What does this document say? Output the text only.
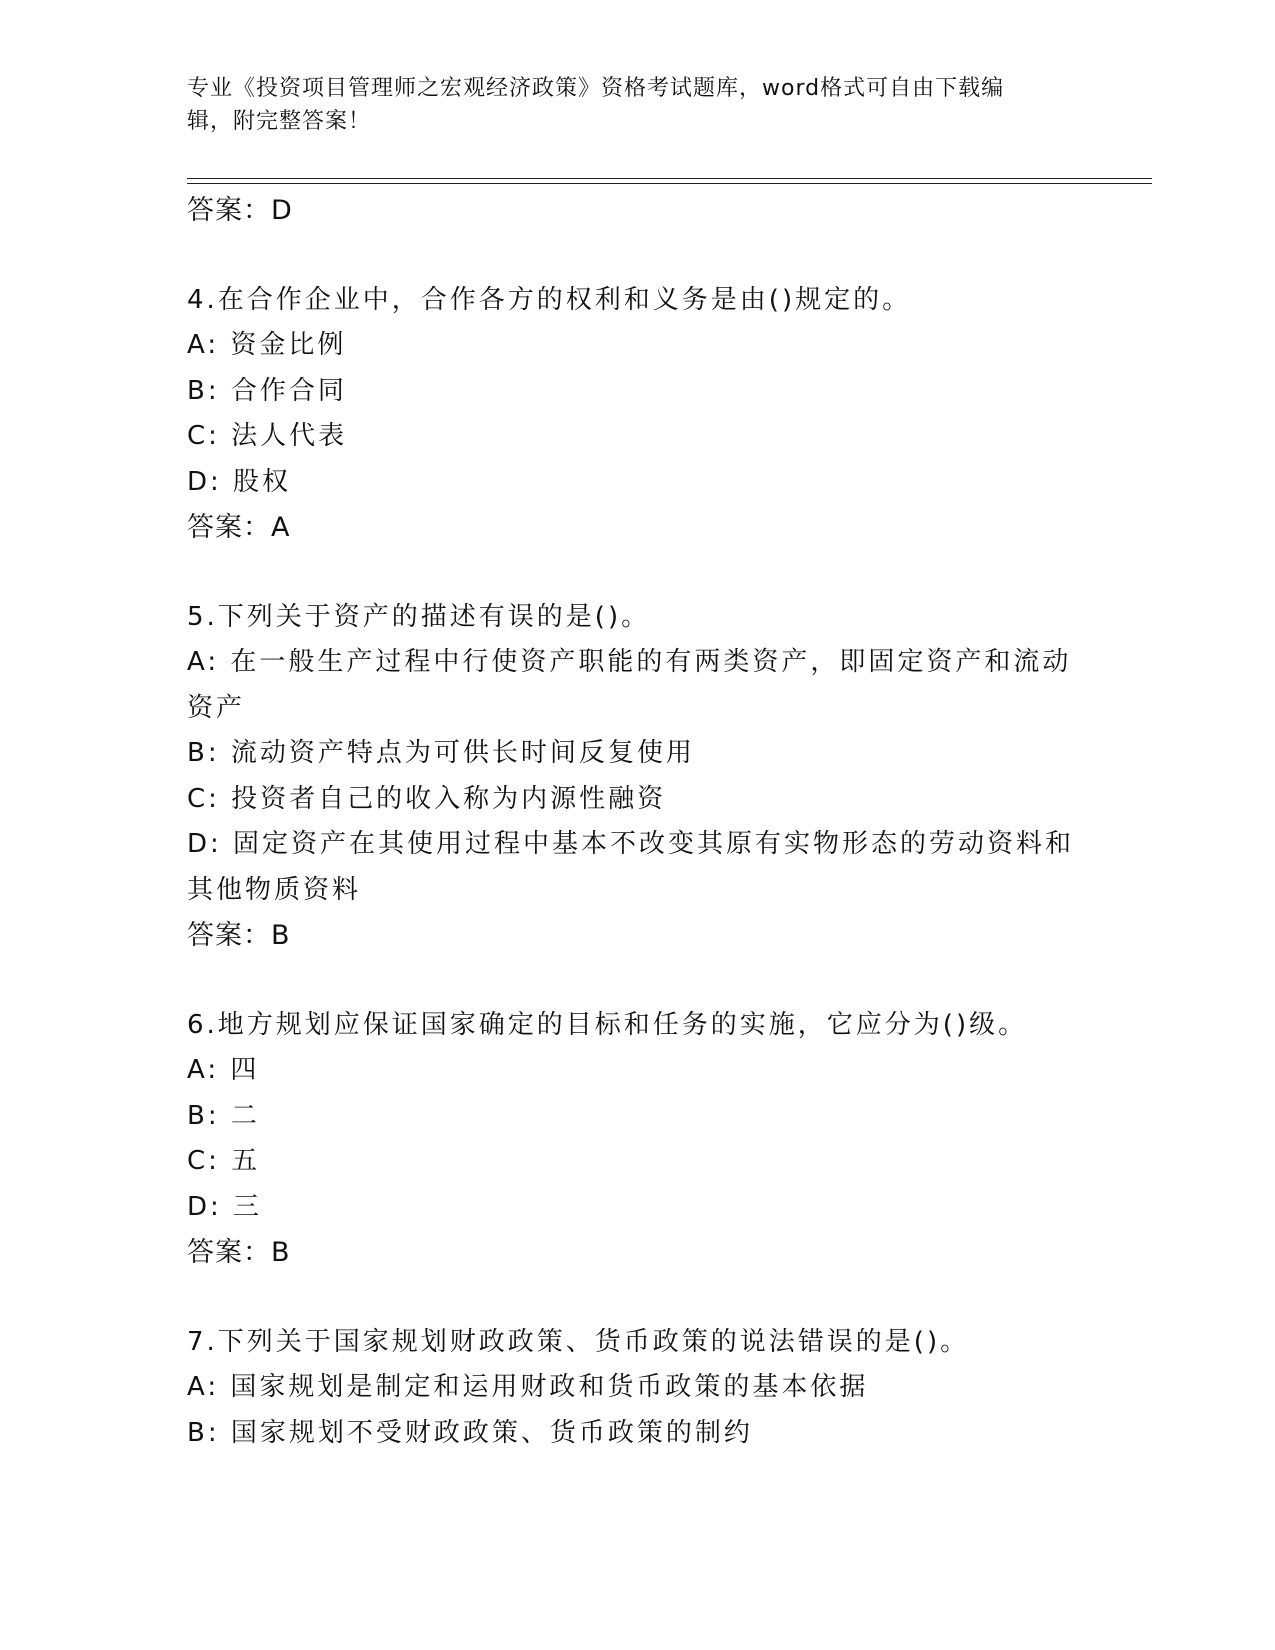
专业《投资项目管理师之宏观经济政策》资格考试题库，word格式可自由下载编
辑，附完整答案！
答案：D
4.在合作企业中，合作各方的权利和义务是由()规定的。
A: 资金比例
B: 合作合同
C: 法人代表
D: 股权
答案：A
5.下列关于资产的描述有误的是()。
A: 在一般生产过程中行使资产职能的有两类资产，即固定资产和流动
资产
B: 流动资产特点为可供长时间反复使用
C: 投资者自己的收入称为内源性融资
D: 固定资产在其使用过程中基本不改变其原有实物形态的劳动资料和
其他物质资料
答案：B
6.地方规划应保证国家确定的目标和任务的实施，它应分为()级。
A: 四
B: 二
C: 五
D: 三
答案：B
7.下列关于国家规划财政政策、货币政策的说法错误的是()。
A: 国家规划是制定和运用财政和货币政策的基本依据
B: 国家规划不受财政政策、货币政策的制约
